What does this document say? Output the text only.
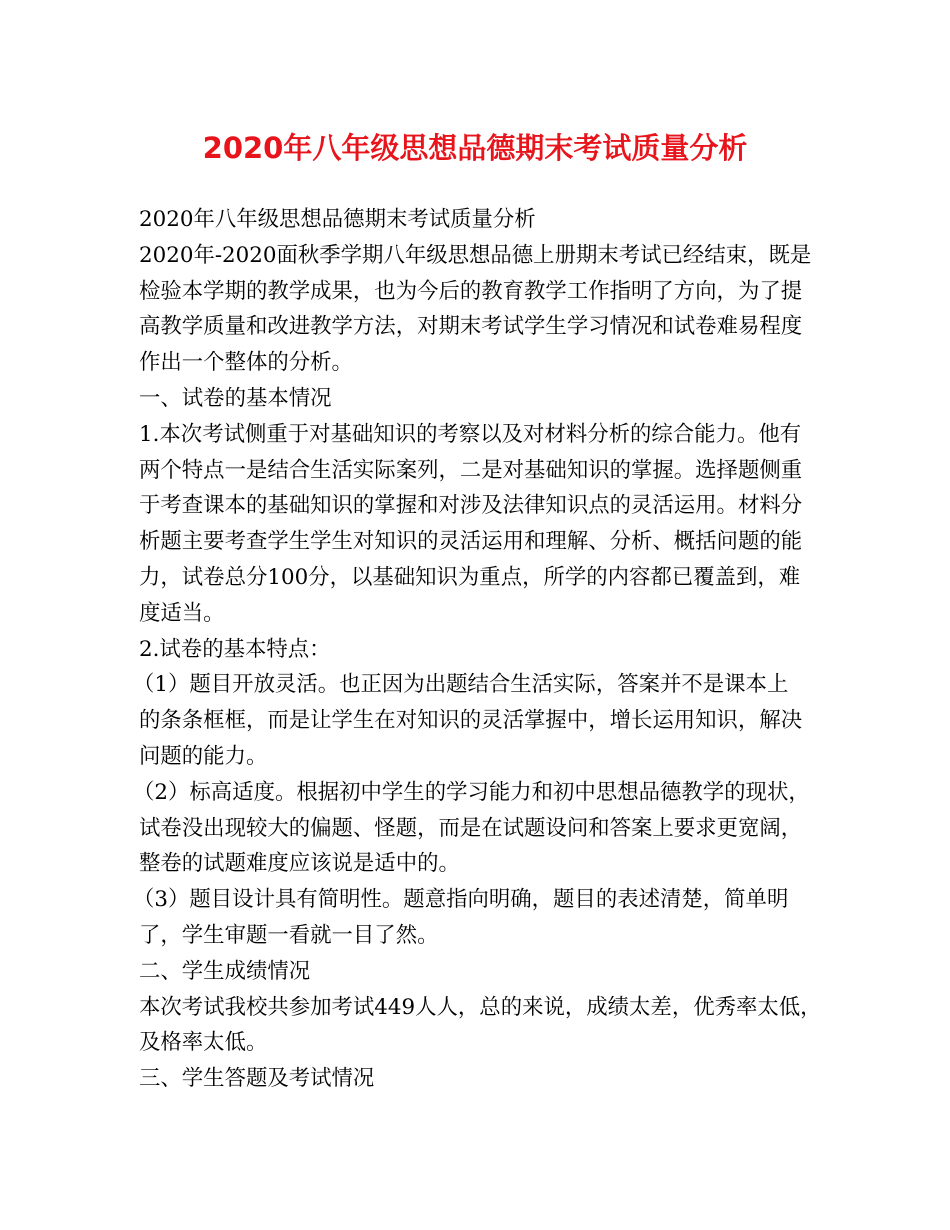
2020年八年级思想品德期末考试质量分析

2020年八年级思想品德期末考试质量分析

2020年-2020面秋季学期八年级思想品德上册期末考试已经结束，既是

检验本学期的教学成果，也为今后的教育教学工作指明了方向，为了提

高教学质量和改进教学方法，对期末考试学生学习情况和试卷难易程度

作出一个整体的分析。

一、试卷的基本情况

1.本次考试侧重于对基础知识的考察以及对材料分析的综合能力。他有

两个特点一是结合生活实际案列，二是对基础知识的掌握。选择题侧重

于考查课本的基础知识的掌握和对涉及法律知识点的灵活运用。材料分

析题主要考查学生学生对知识的灵活运用和理解、分析、概括问题的能

力，试卷总分100分，以基础知识为重点，所学的内容都已覆盖到，难

度适当。

2.试卷的基本特点：

（1）题目开放灵活。也正因为出题结合生活实际，答案并不是课本上

的条条框框，而是让学生在对知识的灵活掌握中，增长运用知识，解决

问题的能力。

（2）标高适度。根据初中学生的学习能力和初中思想品德教学的现状，

试卷没出现较大的偏题、怪题，而是在试题设问和答案上要求更宽阔，

整卷的试题难度应该说是适中的。

（3）题目设计具有简明性。题意指向明确，题目的表述清楚，简单明

了，学生审题一看就一目了然。

二、学生成绩情况

本次考试我校共参加考试449人人，总的来说，成绩太差，优秀率太低，

及格率太低。

三、学生答题及考试情况
